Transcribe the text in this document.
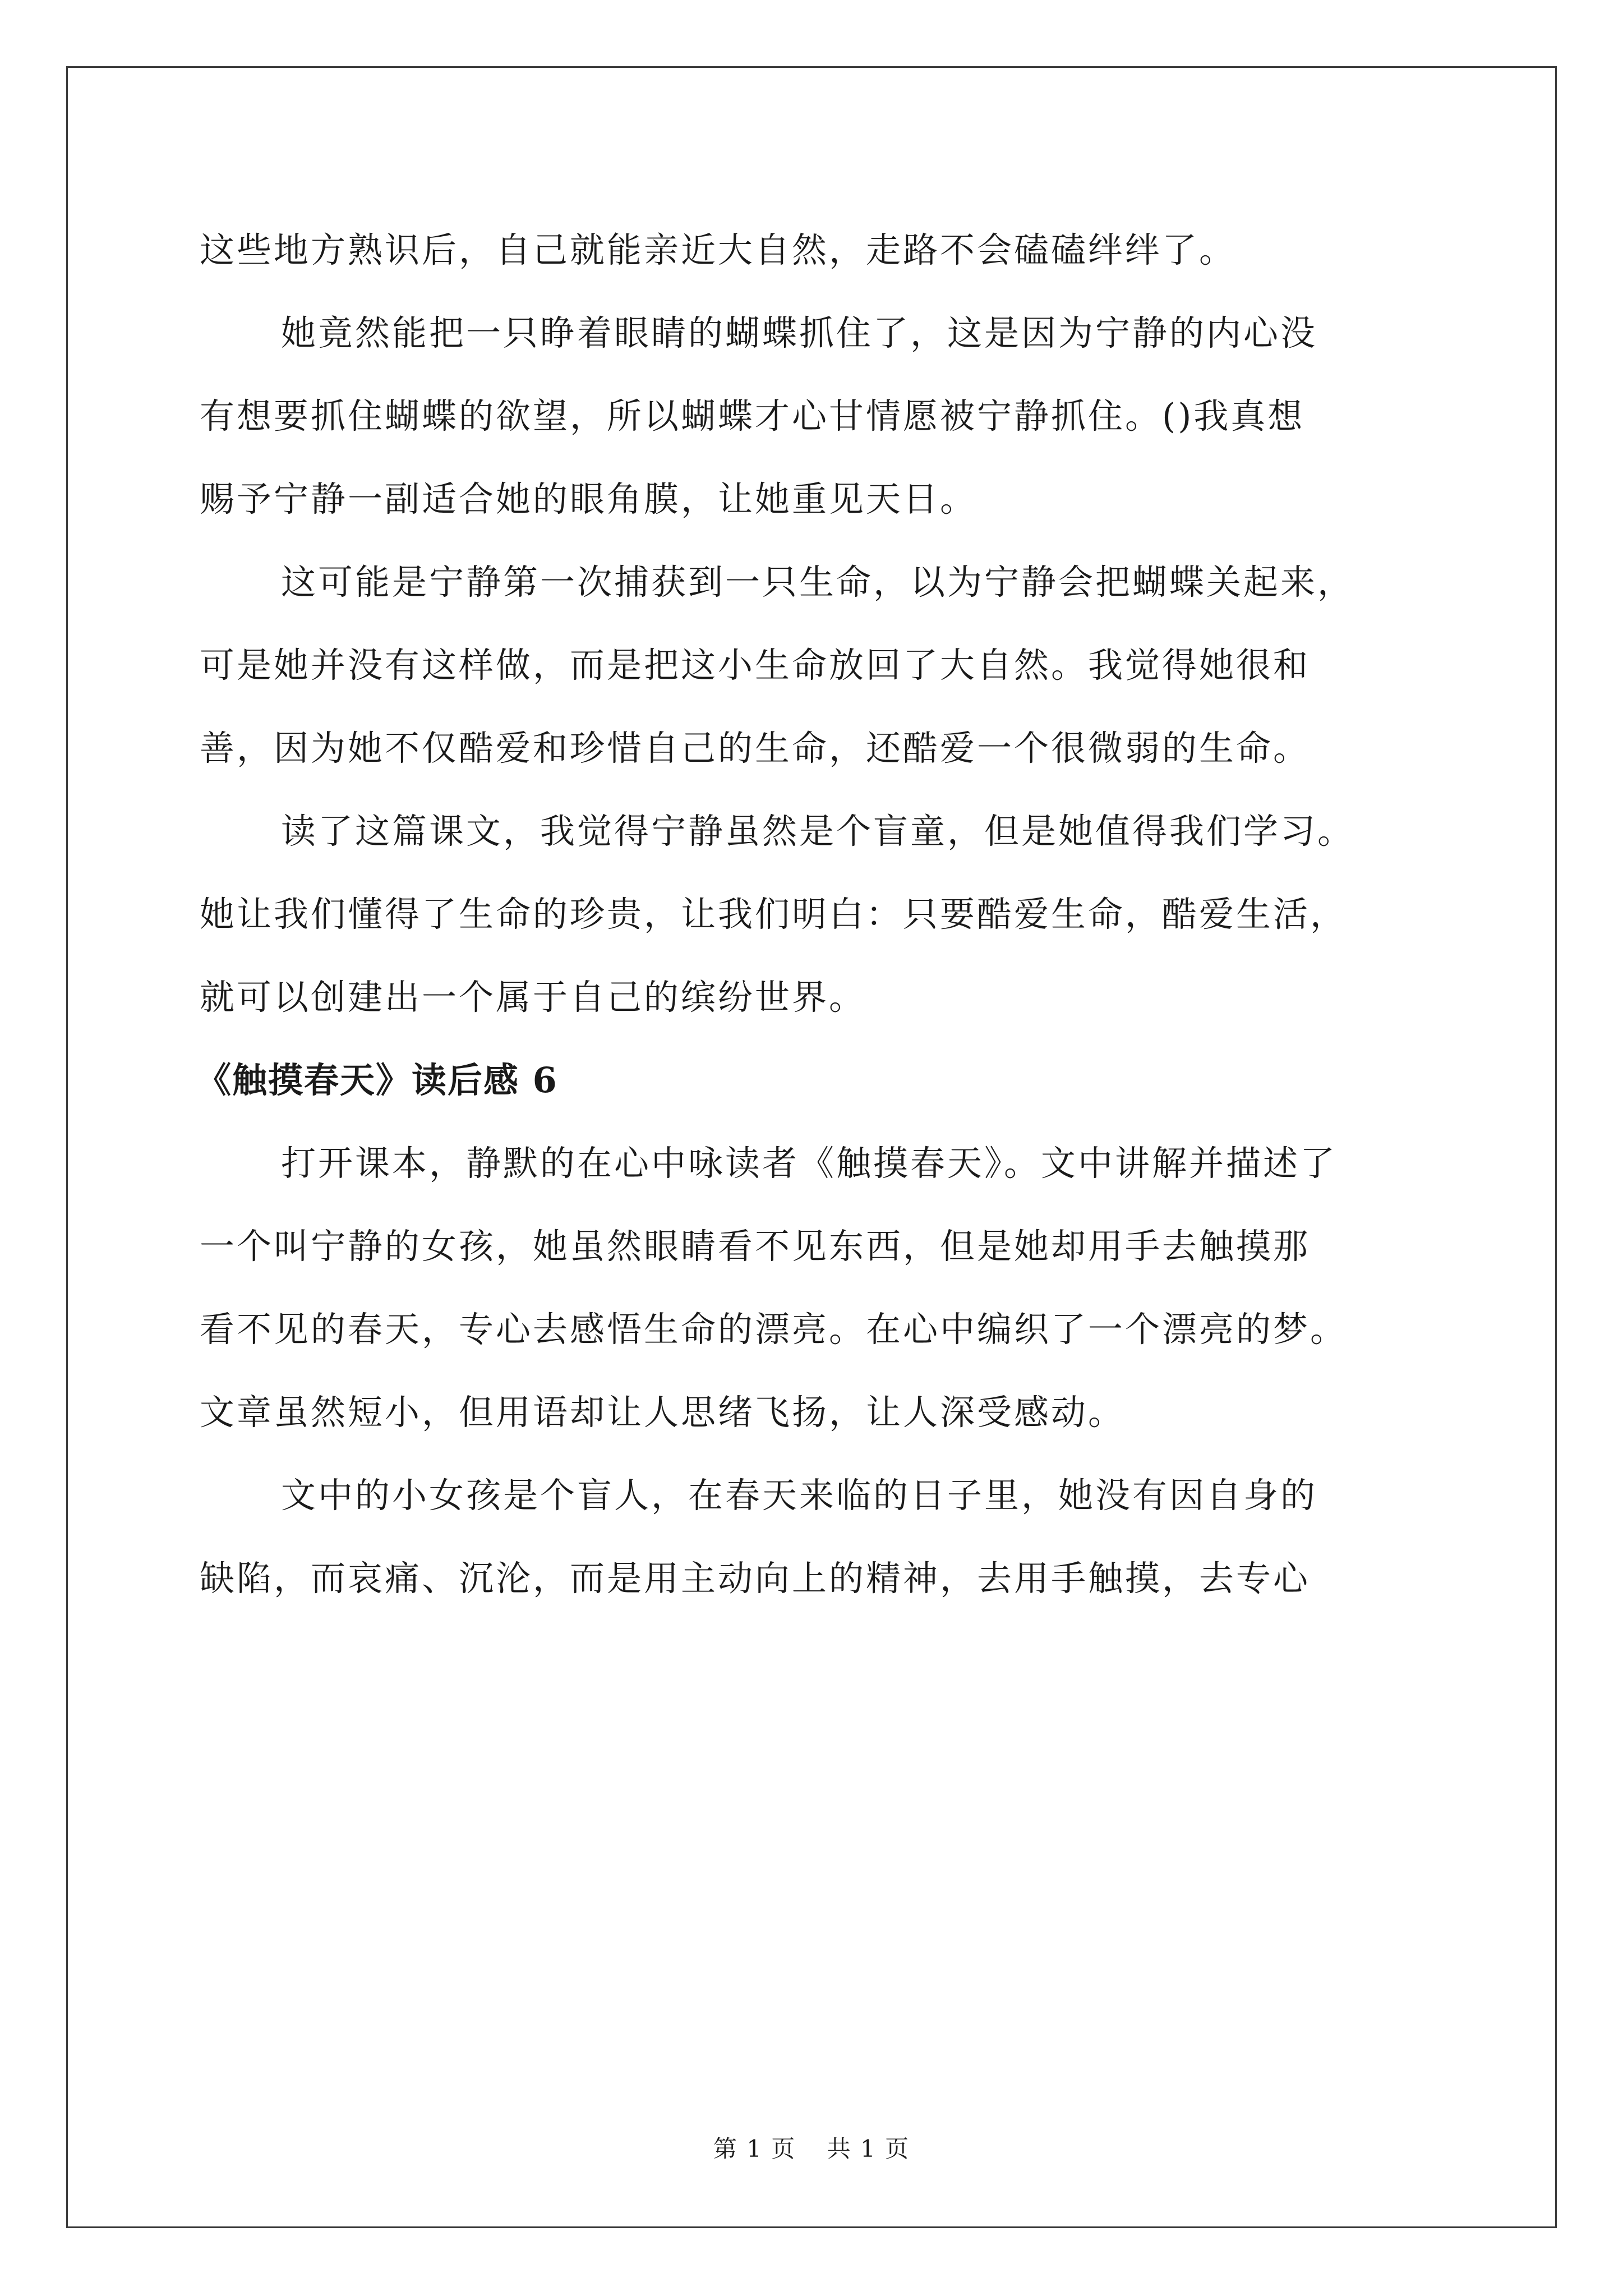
这些地方熟识后，自己就能亲近大自然，走路不会磕磕绊绊了。

她竟然能把一只睁着眼睛的蝴蝶抓住了，这是因为宁静的内心没

有想要抓住蝴蝶的欲望，所以蝴蝶才心甘情愿被宁静抓住。()我真想

赐予宁静一副适合她的眼角膜，让她重见天日。

这可能是宁静第一次捕获到一只生命，以为宁静会把蝴蝶关起来，

可是她并没有这样做，而是把这小生命放回了大自然。我觉得她很和

善，因为她不仅酷爱和珍惜自己的生命，还酷爱一个很微弱的生命。

读了这篇课文，我觉得宁静虽然是个盲童，但是她值得我们学习。

她让我们懂得了生命的珍贵，让我们明白：只要酷爱生命，酷爱生活，

就可以创建出一个属于自己的缤纷世界。

《触摸春天》读后感 6

打开课本，静默的在心中咏读者《触摸春天》。文中讲解并描述了

一个叫宁静的女孩，她虽然眼睛看不见东西，但是她却用手去触摸那

看不见的春天，专心去感悟生命的漂亮。在心中编织了一个漂亮的梦。

文章虽然短小，但用语却让人思绪飞扬，让人深受感动。

文中的小女孩是个盲人，在春天来临的日子里，她没有因自身的

缺陷，而哀痛、沉沦，而是用主动向上的精神，去用手触摸，去专心

第 1 页 共 1 页
